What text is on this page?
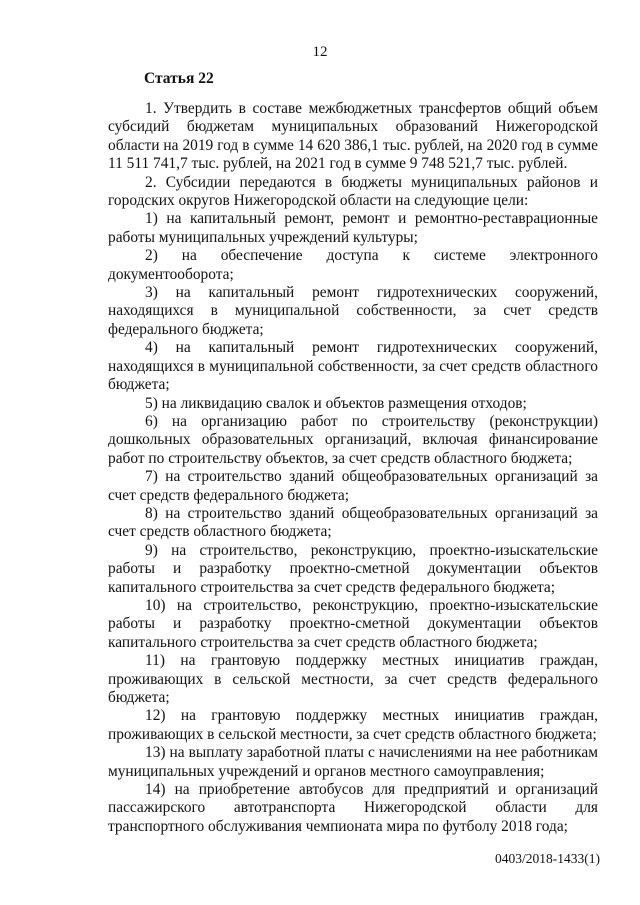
12
Статья 22

1. Утвердить в составе межбюджетных трансфертов общий объем субсидий бюджетам муниципальных образований Нижегородской области на 2019 год в сумме 14 620 386,1 тыс. рублей, на 2020 год в сумме 11 511 741,7 тыс. рублей, на 2021 год в сумме 9 748 521,7 тыс. рублей.

2. Субсидии передаются в бюджеты муниципальных районов и городских округов Нижегородской области на следующие цели:

1) на капитальный ремонт, ремонт и ремонтно-реставрационные работы муниципальных учреждений культуры;

2) на обеспечение доступа к системе электронного документооборота;

3) на капитальный ремонт гидротехнических сооружений, находящихся в муниципальной собственности, за счет средств федерального бюджета;

4) на капитальный ремонт гидротехнических сооружений, находящихся в муниципальной собственности, за счет средств областного бюджета;

5) на ликвидацию свалок и объектов размещения отходов;

6) на организацию работ по строительству (реконструкции) дошкольных образовательных организаций, включая финансирование работ по строительству объектов, за счет средств областного бюджета;

7) на строительство зданий общеобразовательных организаций за счет средств федерального бюджета;

8) на строительство зданий общеобразовательных организаций за счет средств областного бюджета;

9) на строительство, реконструкцию, проектно-изыскательские работы и разработку проектно-сметной документации объектов капитального строительства за счет средств федерального бюджета;

10) на строительство, реконструкцию, проектно-изыскательские работы и разработку проектно-сметной документации объектов капитального строительства за счет средств областного бюджета;

11) на грантовую поддержку местных инициатив граждан, проживающих в сельской местности, за счет средств федерального бюджета;

12) на грантовую поддержку местных инициатив граждан, проживающих в сельской местности, за счет средств областного бюджета;

13) на выплату заработной платы с начислениями на нее работникам муниципальных учреждений и органов местного самоуправления;

14) на приобретение автобусов для предприятий и организаций пассажирского автотранспорта Нижегородской области для транспортного обслуживания чемпионата мира по футболу 2018 года;

0403/2018-1433(1)
